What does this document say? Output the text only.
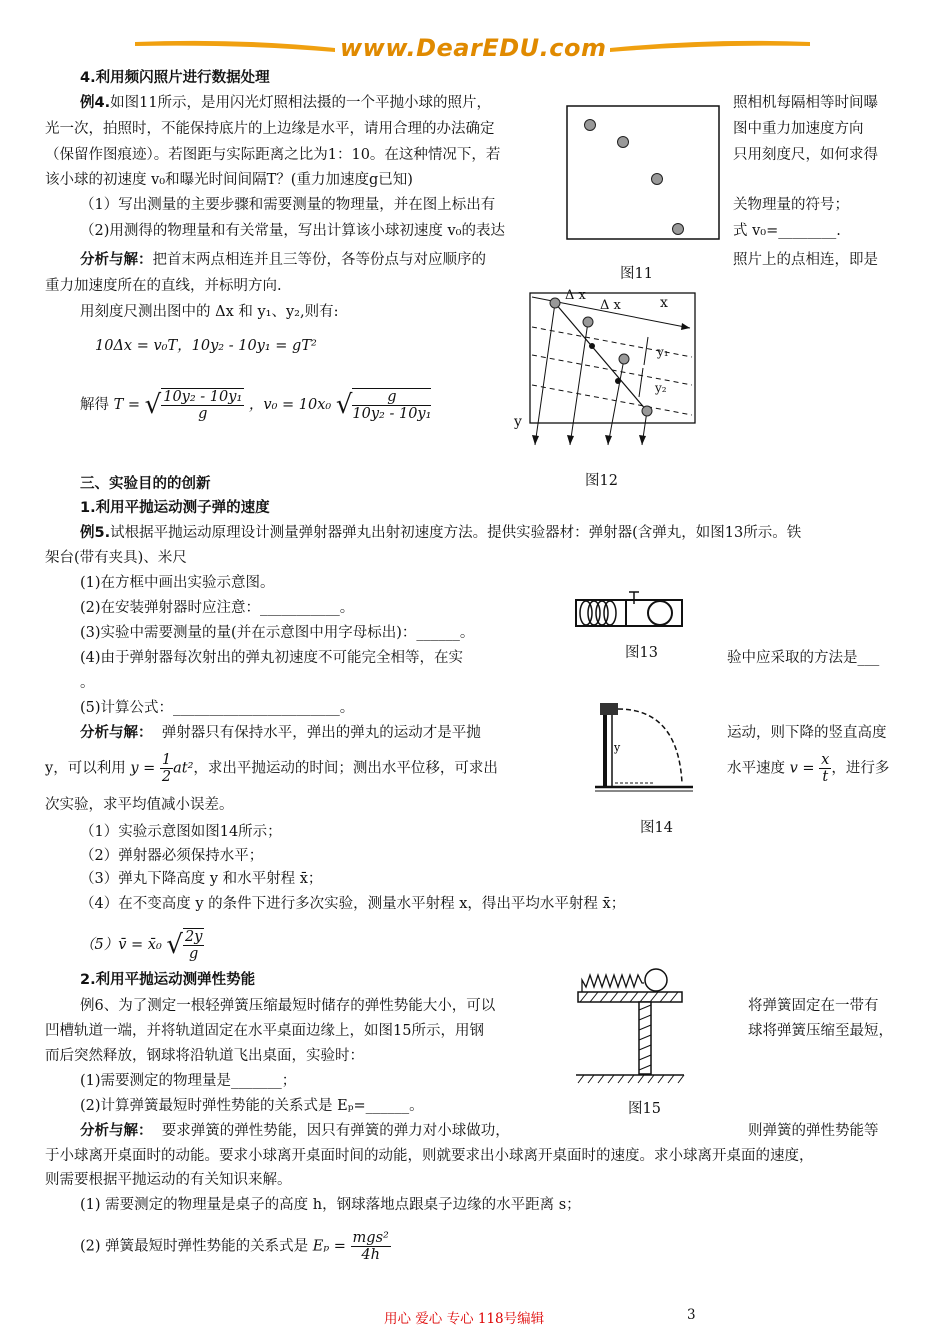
www.DearEDU.com
4.利用频闪照片进行数据处理
例4.如图11所示，是用闪光灯照相法摄的一个平抛小球的照片，	照相机每隔相等时间曝
光一次，拍照时，不能保持底片的上边缘是水平，请用合理的办法确定	图中重力加速度方向
（保留作图痕迹）。若图距与实际距离之比为1：10。在这种情况下，若	只用刻度尺，如何求得
该小球的初速度 v₀和曝光时间间隔T？(重力加速度g已知)
（1）写出测量的主要步骤和需要测量的物理量，并在图上标出有	关物理量的符号；
（2)用测得的物理量和有关常量，写出计算该小球初速度 v₀的表达	式 v₀=________.
分析与解：把首末两点相连并且三等份，各等份点与对应顺序的	照片上的点相连，即是
重力加速度所在的直线，并标明方向.
用刻度尺测出图中的 Δx 和 y₁、y₂,则有:
10Δx = v₀T，10y₂ - 10y₁ = gT²
解得 T = √ $\frac{\text{10y₂ - 10y₁}}{g}$ ，v₀ = 10x₀ √ $\frac{g}{\text{10y₂ - 10y₁}}$
图11
Δ x
Δ x	x
y
y₁
y₂
图12
三、实验目的的创新
1.利用平抛运动测子弹的速度
例5.试根据平抛运动原理设计测量弹射器弹丸出射初速度方法。提供实验器材：弹射器(含弹丸，如图13所示。铁
架台(带有夹具)、米尺
(1)在方框中画出实验示意图。
(2)在安装弹射器时应注意：___________。
(3)实验中需要测量的量(并在示意图中用字母标出)：______。
(4)由于弹射器每次射出的弹丸初速度不可能完全相等，在实	验中应采取的方法是___
。
(5)计算公式：_______________________。
图13
分析与解： 弹射器只有保持水平，弹出的弹丸的运动才是平抛	运动，则下降的竖直高度
y，可以利用 $y = \frac{1}{2} at^2$，求出平抛运动的时间；测出水平位移，可求出	水平速度 $v = \frac{x}{t}$ ，进行多
次实验，求平均值减小误差。
y
图14
（1）实验示意图如图14所示；
（2）弹射器必须保持水平；
（3）弹丸下降高度 y 和水平射程 x̄；
（4）在不变高度 y 的条件下进行多次实验，测量水平射程 x，得出平均水平射程 x̄；
（5）v̄ = x̄₀ √ $\frac{2y}{g}$
2.利用平抛运动测弹性势能
例6、为了测定一根轻弹簧压缩最短时储存的弹性势能大小，可以	将弹簧固定在一带有
凹槽轨道一端，并将轨道固定在水平桌面边缘上，如图15所示，用钢	球将弹簧压缩至最短，
而后突然释放，钢球将沿轨道飞出桌面，实验时：
(1)需要测定的物理量是_______；
(2)计算弹簧最短时弹性势能的关系式是 Eₚ=______。	图15
分析与解： 要求弹簧的弹性势能，因只有弹簧的弹力对小球做功，	则弹簧的弹性势能等
于小球离开桌面时的动能。要求小球离开桌面时间的动能，则就要求出小球离开桌面时的速度。求小球离开桌面的速度，
则需要根据平抛运动的有关知识来解。
(1) 需要测定的物理量是桌子的高度 h，钢球落地点跟桌子边缘的水平距离 s；
(2) 弹簧最短时弹性势能的关系式是 $E_p = \frac{\text{mgs²}}{4h}$
用心 爱心 专心 118号编辑	3
